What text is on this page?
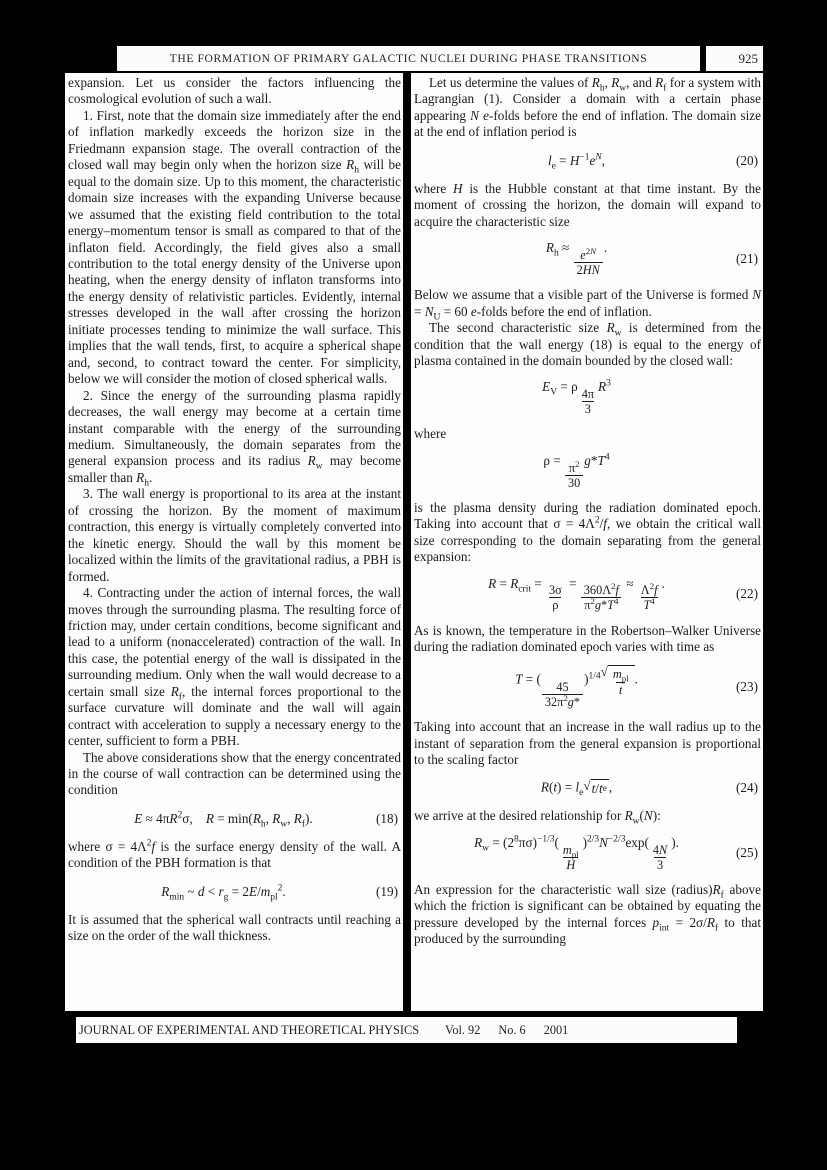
THE FORMATION OF PRIMARY GALACTIC NUCLEI DURING PHASE TRANSITIONS	925

expansion. Let us consider the factors influencing the cosmological evolution of such a wall.

1. First, note that the domain size immediately after the end of inflation markedly exceeds the horizon size in the Friedmann expansion stage. The overall contraction of the closed wall may begin only when the horizon size $R_h$ will be equal to the domain size. Up to this moment, the characteristic domain size increases with the expanding Universe because we assumed that the existing field contribution to the total energy–momentum tensor is small as compared to that of the inflaton field. Accordingly, the field gives also a small contribution to the total energy density of the Universe upon heating, when the energy density of inflaton transforms into the energy density of relativistic particles. Evidently, internal stresses developed in the wall after crossing the horizon initiate processes tending to minimize the wall surface. This implies that the wall tends, first, to acquire a spherical shape and, second, to contract toward the center. For simplicity, below we will consider the motion of closed spherical walls.

2. Since the energy of the surrounding plasma rapidly decreases, the wall energy may become at a certain time instant comparable with the energy of the surrounding medium. Simultaneously, the domain separates from the general expansion process and its radius $R_w$ may become smaller than $R_h$.

3. The wall energy is proportional to its area at the instant of crossing the horizon. By the moment of maximum contraction, this energy is virtually completely converted into the kinetic energy. Should the wall by this moment be localized within the limits of the gravitational radius, a PBH is formed.

4. Contracting under the action of internal forces, the wall moves through the surrounding plasma. The resulting force of friction may, under certain conditions, become significant and lead to a uniform (nonaccelerated) contraction of the wall. In this case, the potential energy of the wall is dissipated in the surrounding medium. Only when the wall would decrease to a certain small size $R_f$, the internal forces proportional to the surface curvature will dominate and the wall will again contract with acceleration to supply a necessary energy to the center, sufficient to form a PBH.

The above considerations show that the energy concentrated in the course of wall contraction can be determined using the condition

$E \approx 4\pi R^2\sigma$, $R = \min(R_h$, $R_w$, $R_f$).	(18)

where $\sigma = 4\Lambda^2f$ is the surface energy density of the wall. A condition of the PBH formation is that

$R_{min}$ ~ $d < r_g = 2E/m_{pl}^2$.	(19)

It is assumed that the spherical wall contracts until reaching a size on the order of the wall thickness.

Let us determine the values of $R_h$, $R_w$, and $R_f$ for a system with Lagrangian (1). Consider a domain with a certain phase appearing N e-folds before the end of inflation. The domain size at the end of inflation period is

$l_e = H^{-1}e^N$,	(20)

where H is the Hubble constant at that time instant. By the moment of crossing the horizon, the domain will expand to acquire the characteristic size

$R_h$ ≈
$\frac{e^{2N}}{2HN}$
.
(21)

Below we assume that a visible part of the Universe is formed $N = N_U = 60$ e-folds before the end of inflation.

The second characteristic size $R_w$ is determined from the condition that the wall energy (18) is equal to the energy of plasma contained in the domain bounded by the closed wall:

$E_V = \rho$
$\frac{4\pi}{3}$
$R^3$

where

ρ =
$\frac{\pi^2}{30}$
$g*T^4$

is the plasma density during the radiation dominated epoch. Taking into account that $\sigma = 4\Lambda^2/f$, we obtain the critical wall size corresponding to the domain separating from the general expansion:

$R = R_{crit}$ =
$\frac{3\sigma}{\rho}$
=
$\frac{360\Lambda^2f}{\pi^2g*T^4}$
≈
$\frac{\Lambda^2f}{T^4}$
.
(22)

As is known, the temperature in the Robertson–Walker Universe during the radiation dominated epoch varies with time as

T = (
$\frac{45}{32\pi^2g*}$
)$^{1/4}$ √ $\frac{m_{pl}}{t}$ .	(23)

Taking into account that an increase in the wall radius up to the instant of separation from the general expansion is proportional to the scaling factor

$R(t) = l_e$ √ t / t e ,	(24)

we arrive at the desired relationship for $R_w(N)$:

$R_w = (2^8\pi\sigma)^{-1/3}$(
$\frac{m_{pl}}{H}$
)$^{2/3}N^{-2/3}\exp$(
$\frac{4N}{3}$
).
(25)

An expression for the characteristic wall size $(radius)R_f$ above which the friction is significant can be obtained by equating the pressure developed by the internal forces $p_{int} = 2\sigma/R_f$ to that produced by the surrounding

JOURNAL OF EXPERIMENTAL AND THEORETICAL PHYSICS Vol. 92 No. 6 2001
